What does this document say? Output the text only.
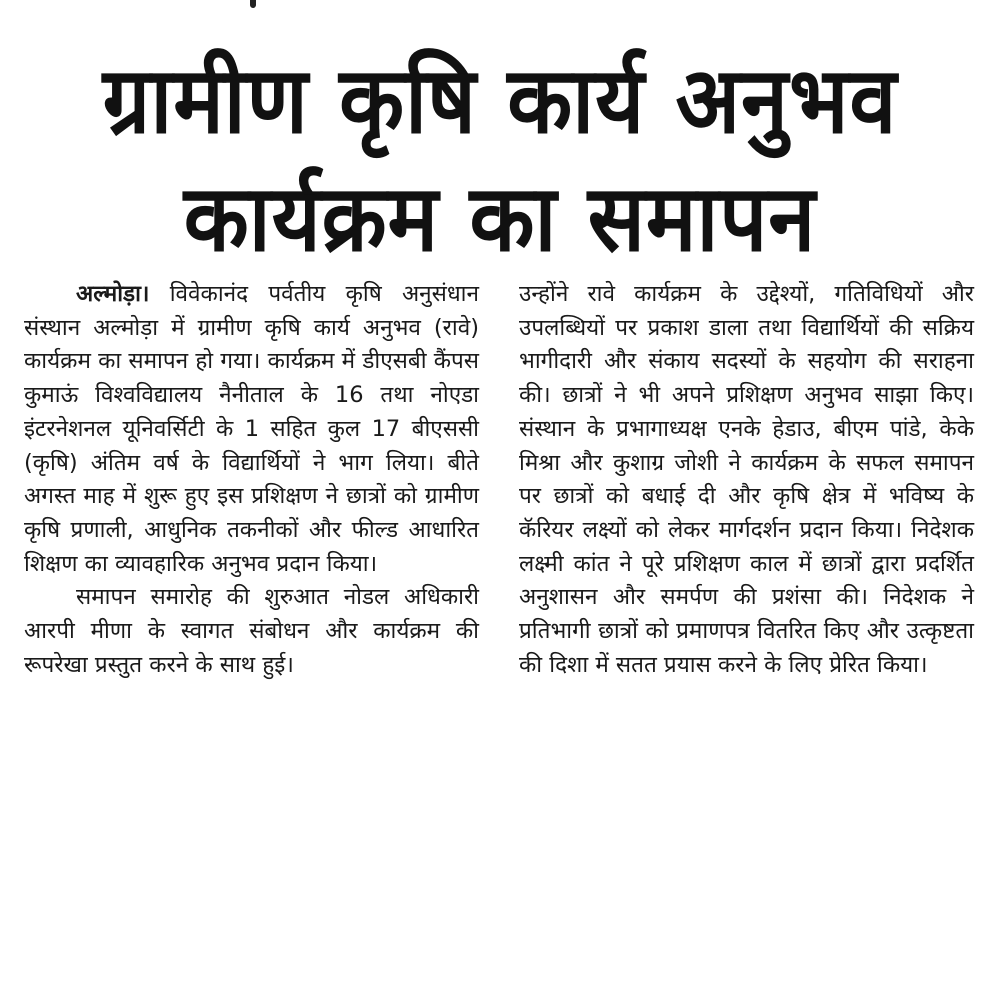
ग्रामीण कृषि कार्य अनुभव
कार्यक्रम का समापन

अल्मोड़ा। विवेकानंद पर्वतीय कृषि अनुसंधान संस्थान अल्मोड़ा में ग्रामीण कृषि कार्य अनुभव (रावे) कार्यक्रम का समापन हो गया। कार्यक्रम में डीएसबी कैंपस कुमाऊं विश्वविद्यालय नैनीताल के 16 तथा नोएडा इंटरनेशनल यूनिवर्सिटी के 1 सहित कुल 17 बीएससी (कृषि) अंतिम वर्ष के विद्यार्थियों ने भाग लिया। बीते अगस्त माह में शुरू हुए इस प्रशिक्षण ने छात्रों को ग्रामीण कृषि प्रणाली, आधुनिक तकनीकों और फील्ड आधारित शिक्षण का व्यावहारिक अनुभव प्रदान किया।

समापन समारोह की शुरुआत नोडल अधिकारी आरपी मीणा के स्वागत संबोधन और कार्यक्रम की रूपरेखा प्रस्तुत करने के साथ हुई।

उन्होंने रावे कार्यक्रम के उद्देश्यों, गतिविधियों और उपलब्धियों पर प्रकाश डाला तथा विद्यार्थियों की सक्रिय भागीदारी और संकाय सदस्यों के सहयोग की सराहना की। छात्रों ने भी अपने प्रशिक्षण अनुभव साझा किए। संस्थान के प्रभागाध्यक्ष एनके हेडाउ, बीएम पांडे, केके मिश्रा और कुशाग्र जोशी ने कार्यक्रम के सफल समापन पर छात्रों को बधाई दी और कृषि क्षेत्र में भविष्य के कॅरियर लक्ष्यों को लेकर मार्गदर्शन प्रदान किया। निदेशक लक्ष्मी कांत ने पूरे प्रशिक्षण काल में छात्रों द्वारा प्रदर्शित अनुशासन और समर्पण की प्रशंसा की। निदेशक ने प्रतिभागी छात्रों को प्रमाणपत्र वितरित किए और उत्कृष्टता की दिशा में सतत प्रयास करने के लिए प्रेरित किया।
